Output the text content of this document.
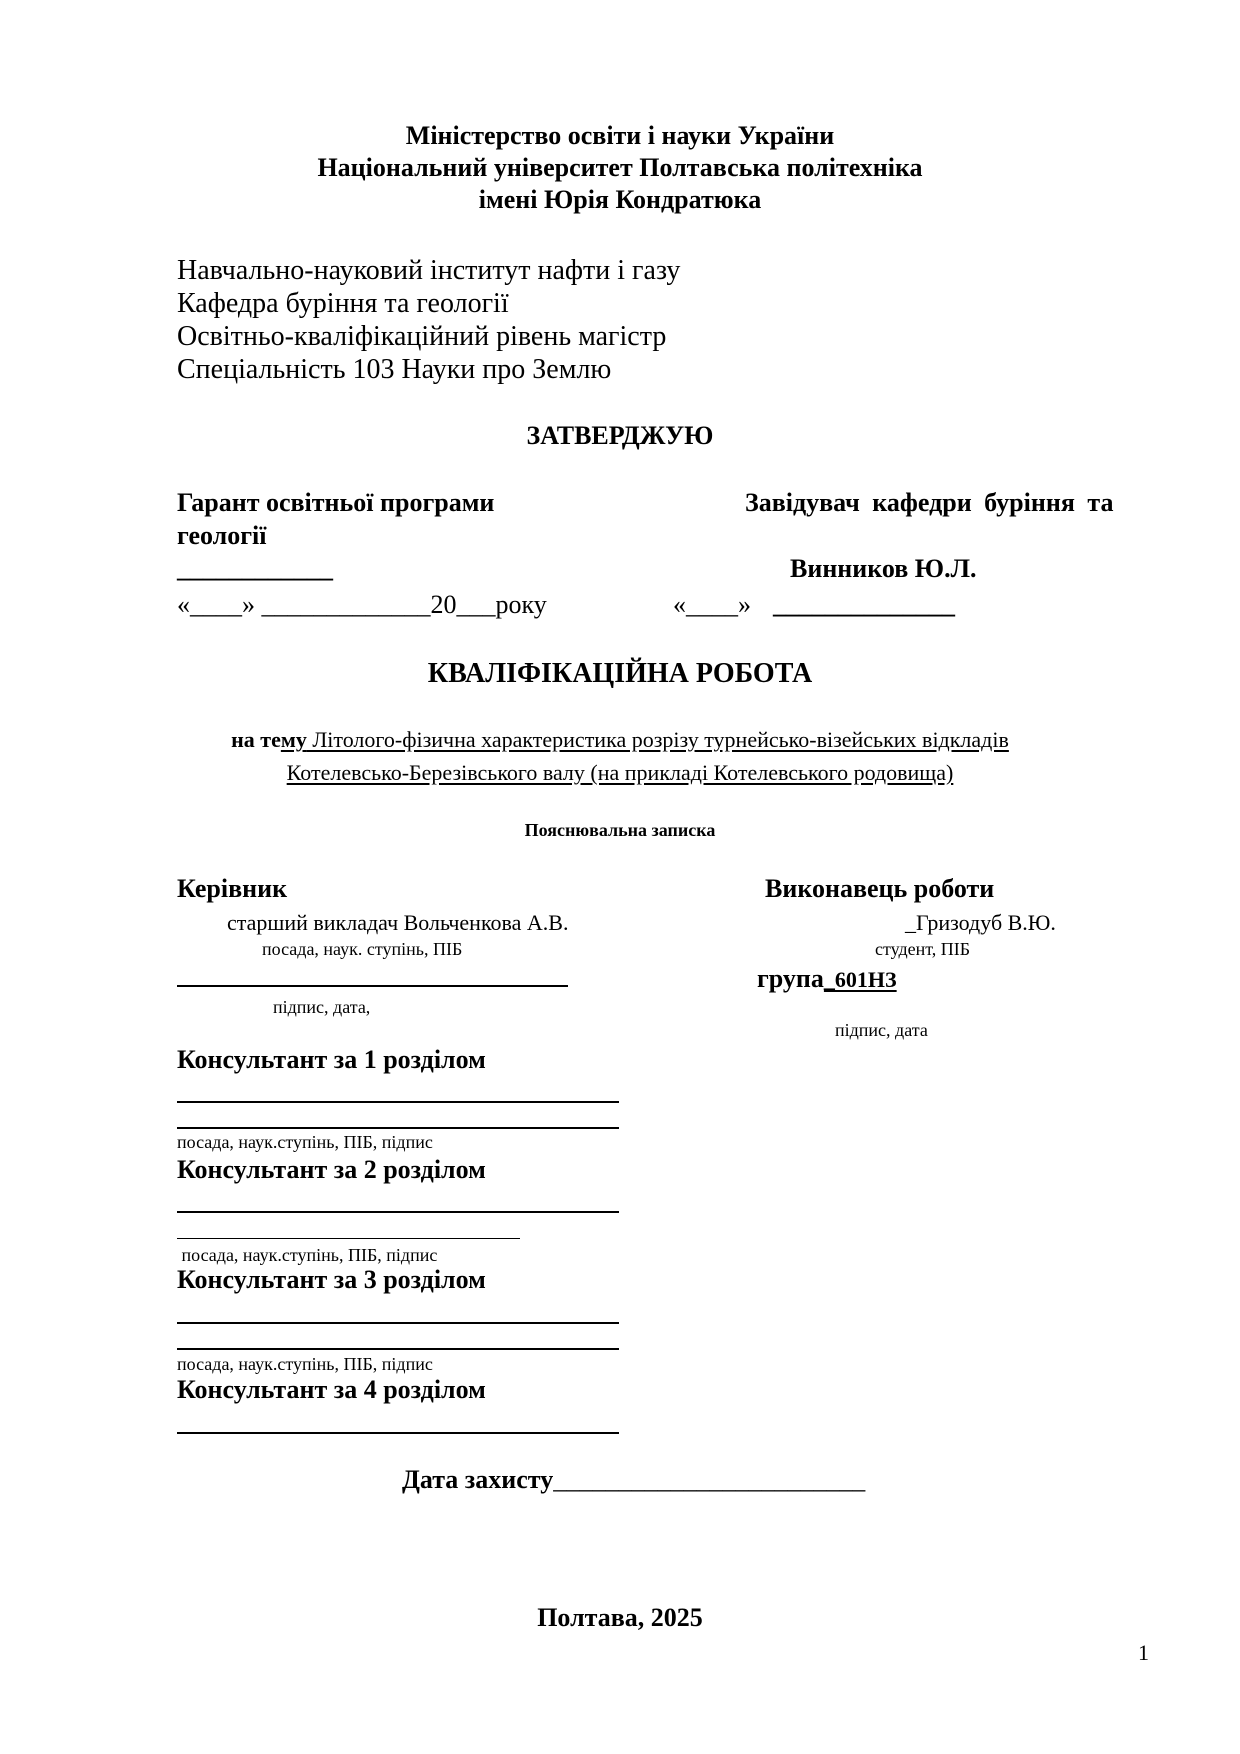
Міністерство освіти і науки України
Національний університет Полтавська політехніка
імені Юрія Кондратюка
Навчально-науковий інститут нафти і газу
Кафедра буріння та геології
Освітньо-кваліфікаційний рівень магістр
Спеціальність 103 Науки про Землю
ЗАТВЕРДЖУЮ
Гарант освітньої програми
геології
____________
Завідувач кафедри буріння та
Винников Ю.Л.
«____» _____________20___року	«____» ______________
КВАЛІФІКАЦІЙНА РОБОТА
на тему Літолого-фізична характеристика розрізу турнейсько-візейських відкладів
Котелевсько-Березівського валу (на прикладі Котелевського родовища)
Пояснювальна записка
Керівник
старший викладач Вольченкова А.В.
посада, наук. ступінь, ПІБ
підпис, дата,
Виконавець роботи
_Гризодуб В.Ю.
студент, ПІБ
група_601НЗ
підпис, дата
Консультант за 1 розділом
посада, наук.ступінь, ПІБ, підпис
Консультант за 2 розділом
посада, наук.ступінь, ПІБ, підпис
Консультант за 3 розділом
посада, наук.ступінь, ПІБ, підпис
Консультант за 4 розділом
Дата захисту________________________
Полтава, 2025
1
